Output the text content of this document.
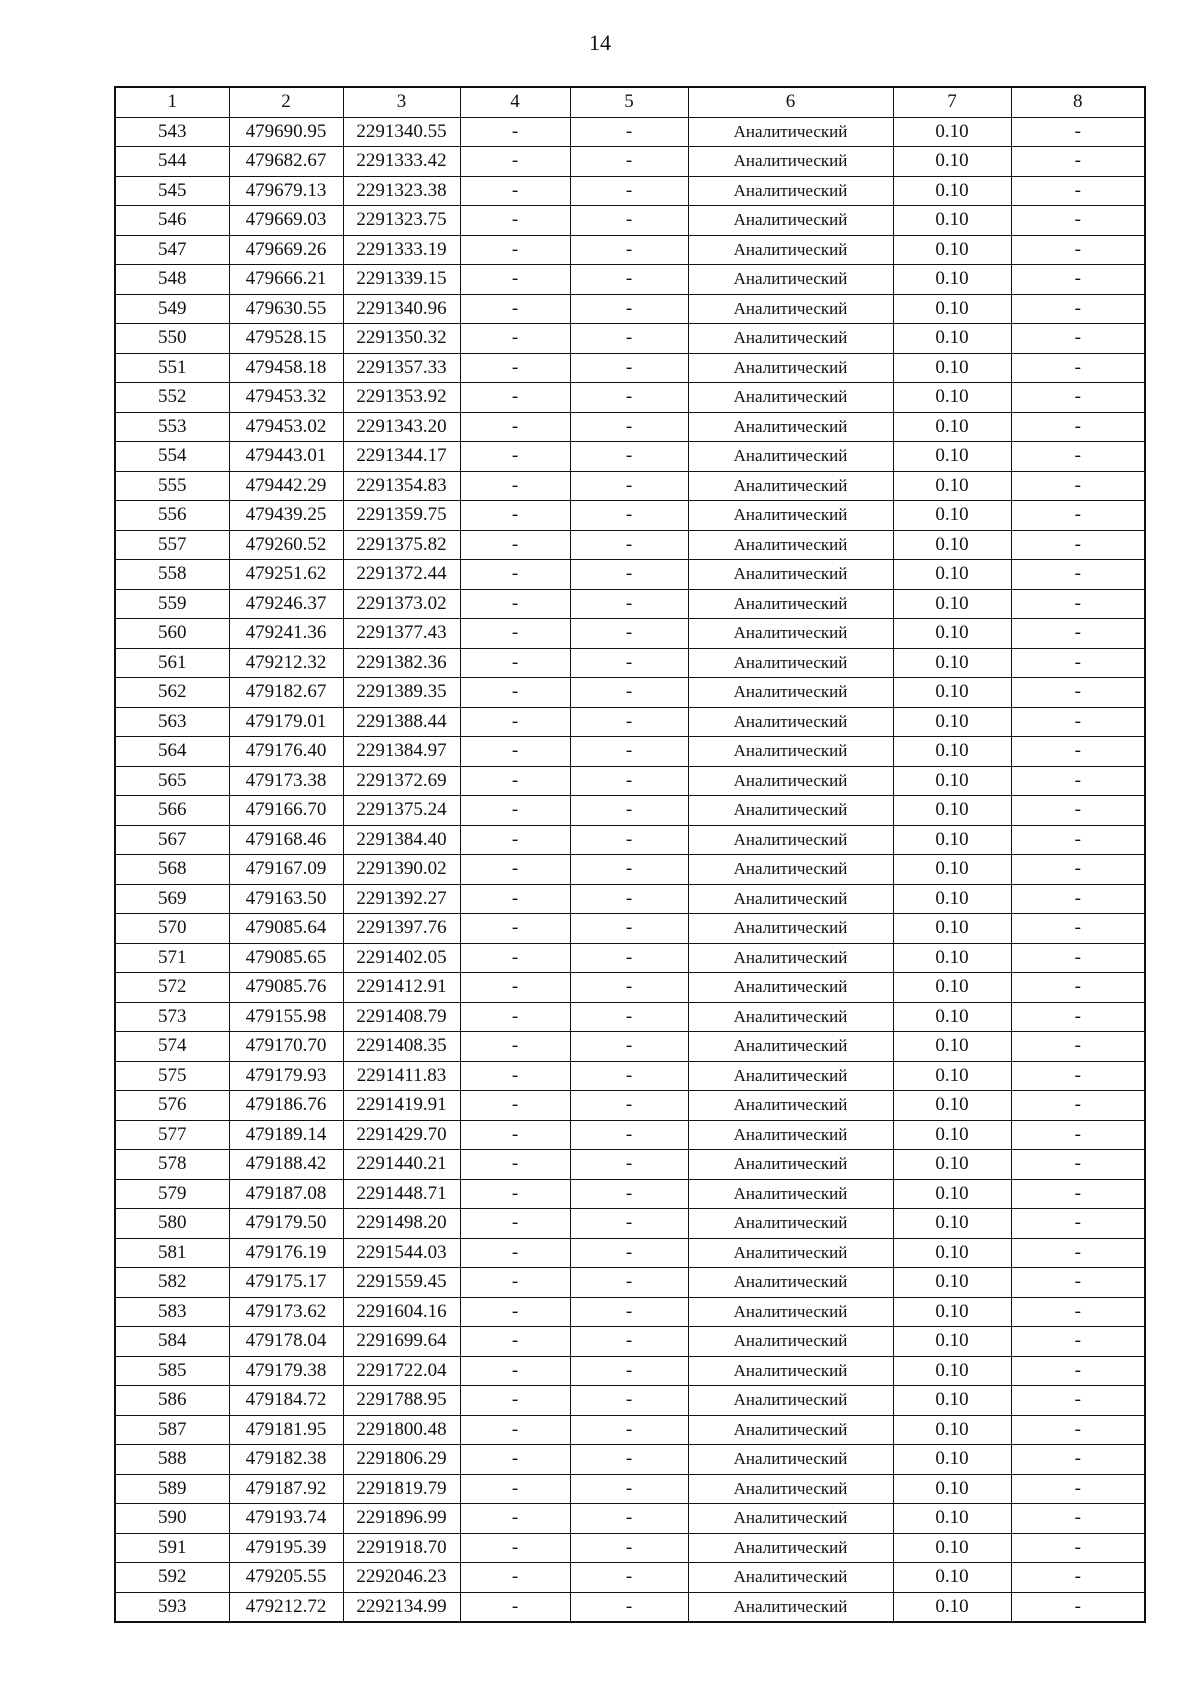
14
1	2	3	4	5	6	7	8
543	479690.95	2291340.55	-	-	Аналитический	0.10	-
544	479682.67	2291333.42	-	-	Аналитический	0.10	-
545	479679.13	2291323.38	-	-	Аналитический	0.10	-
546	479669.03	2291323.75	-	-	Аналитический	0.10	-
547	479669.26	2291333.19	-	-	Аналитический	0.10	-
548	479666.21	2291339.15	-	-	Аналитический	0.10	-
549	479630.55	2291340.96	-	-	Аналитический	0.10	-
550	479528.15	2291350.32	-	-	Аналитический	0.10	-
551	479458.18	2291357.33	-	-	Аналитический	0.10	-
552	479453.32	2291353.92	-	-	Аналитический	0.10	-
553	479453.02	2291343.20	-	-	Аналитический	0.10	-
554	479443.01	2291344.17	-	-	Аналитический	0.10	-
555	479442.29	2291354.83	-	-	Аналитический	0.10	-
556	479439.25	2291359.75	-	-	Аналитический	0.10	-
557	479260.52	2291375.82	-	-	Аналитический	0.10	-
558	479251.62	2291372.44	-	-	Аналитический	0.10	-
559	479246.37	2291373.02	-	-	Аналитический	0.10	-
560	479241.36	2291377.43	-	-	Аналитический	0.10	-
561	479212.32	2291382.36	-	-	Аналитический	0.10	-
562	479182.67	2291389.35	-	-	Аналитический	0.10	-
563	479179.01	2291388.44	-	-	Аналитический	0.10	-
564	479176.40	2291384.97	-	-	Аналитический	0.10	-
565	479173.38	2291372.69	-	-	Аналитический	0.10	-
566	479166.70	2291375.24	-	-	Аналитический	0.10	-
567	479168.46	2291384.40	-	-	Аналитический	0.10	-
568	479167.09	2291390.02	-	-	Аналитический	0.10	-
569	479163.50	2291392.27	-	-	Аналитический	0.10	-
570	479085.64	2291397.76	-	-	Аналитический	0.10	-
571	479085.65	2291402.05	-	-	Аналитический	0.10	-
572	479085.76	2291412.91	-	-	Аналитический	0.10	-
573	479155.98	2291408.79	-	-	Аналитический	0.10	-
574	479170.70	2291408.35	-	-	Аналитический	0.10	-
575	479179.93	2291411.83	-	-	Аналитический	0.10	-
576	479186.76	2291419.91	-	-	Аналитический	0.10	-
577	479189.14	2291429.70	-	-	Аналитический	0.10	-
578	479188.42	2291440.21	-	-	Аналитический	0.10	-
579	479187.08	2291448.71	-	-	Аналитический	0.10	-
580	479179.50	2291498.20	-	-	Аналитический	0.10	-
581	479176.19	2291544.03	-	-	Аналитический	0.10	-
582	479175.17	2291559.45	-	-	Аналитический	0.10	-
583	479173.62	2291604.16	-	-	Аналитический	0.10	-
584	479178.04	2291699.64	-	-	Аналитический	0.10	-
585	479179.38	2291722.04	-	-	Аналитический	0.10	-
586	479184.72	2291788.95	-	-	Аналитический	0.10	-
587	479181.95	2291800.48	-	-	Аналитический	0.10	-
588	479182.38	2291806.29	-	-	Аналитический	0.10	-
589	479187.92	2291819.79	-	-	Аналитический	0.10	-
590	479193.74	2291896.99	-	-	Аналитический	0.10	-
591	479195.39	2291918.70	-	-	Аналитический	0.10	-
592	479205.55	2292046.23	-	-	Аналитический	0.10	-
593	479212.72	2292134.99	-	-	Аналитический	0.10	-
